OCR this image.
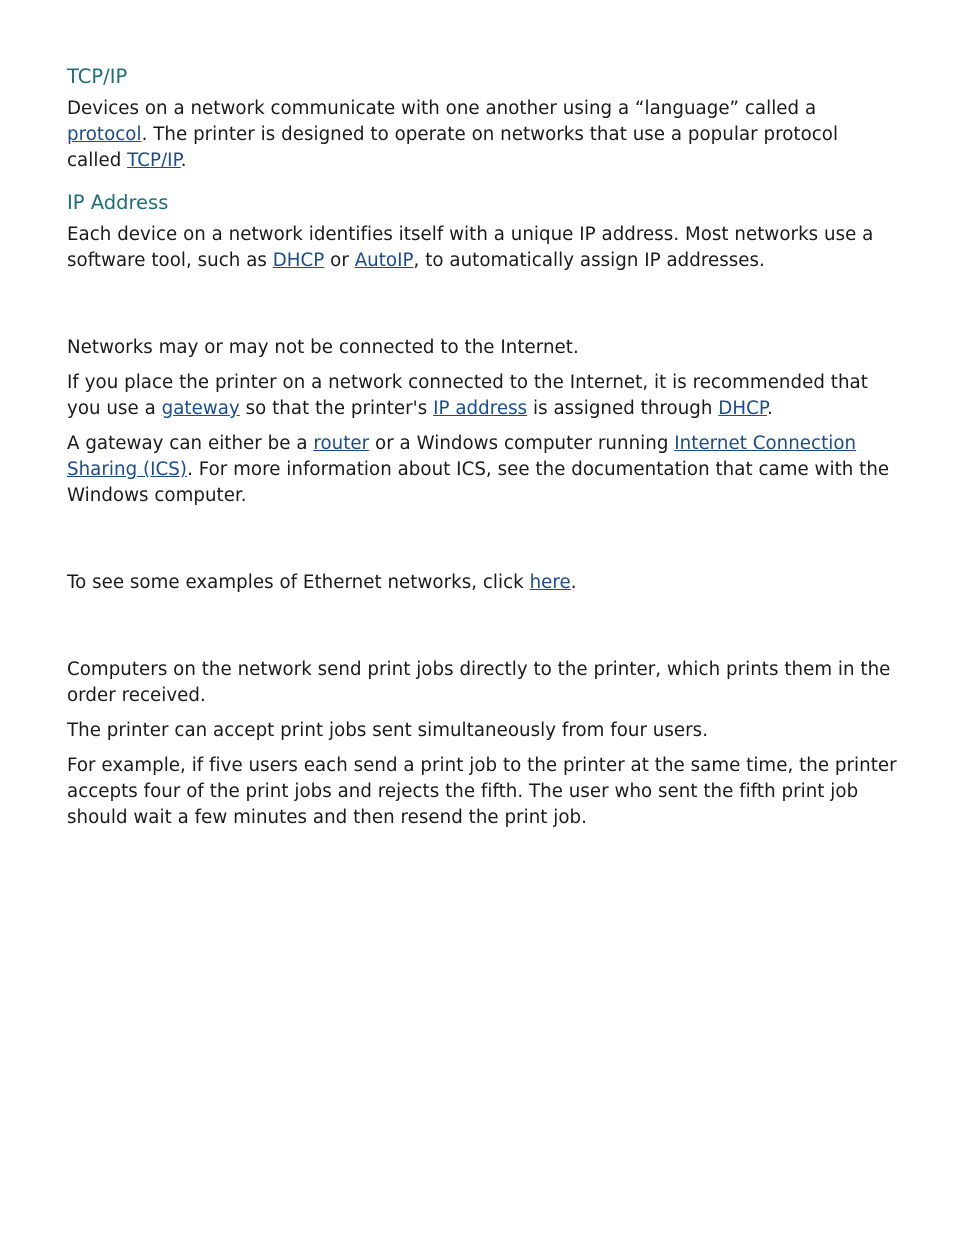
TCP/IP

Devices on a network communicate with one another using a “language” called a protocol. The printer is designed to operate on networks that use a popular protocol called TCP/IP.

IP Address

Each device on a network identifies itself with a unique IP address. Most networks use a software tool, such as DHCP or AutoIP, to automatically assign IP addresses.

Networks may or may not be connected to the Internet.

If you place the printer on a network connected to the Internet, it is recommended that you use a gateway so that the printer's IP address is assigned through DHCP.

A gateway can either be a router or a Windows computer running Internet Connection Sharing (ICS). For more information about ICS, see the documentation that came with the Windows computer.

To see some examples of Ethernet networks, click here.

Computers on the network send print jobs directly to the printer, which prints them in the order received.

The printer can accept print jobs sent simultaneously from four users.

For example, if five users each send a print job to the printer at the same time, the printer accepts four of the print jobs and rejects the fifth. The user who sent the fifth print job should wait a few minutes and then resend the print job.
